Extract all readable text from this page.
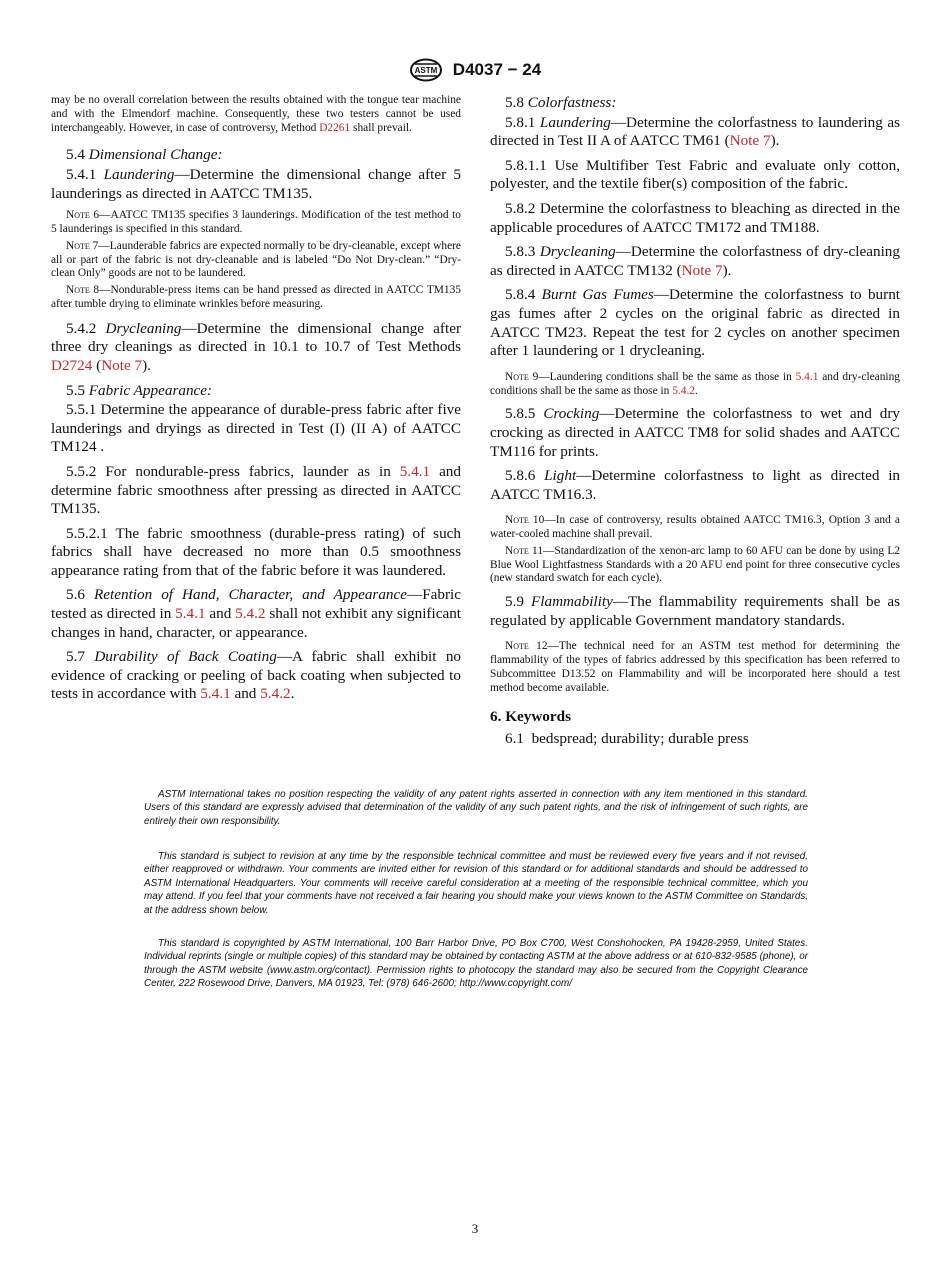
ASTM D4037 − 24

may be no overall correlation between the results obtained with the tongue tear machine and with the Elmendorf machine. Consequently, these two testers cannot be used interchangeably. However, in case of controversy, Method D2261 shall prevail.

5.4 Dimensional Change:

5.4.1 Laundering—Determine the dimensional change after 5 launderings as directed in AATCC TM135.

Note 6—AATCC TM135 specifies 3 launderings. Modification of the test method to 5 launderings is specified in this standard.

Note 7—Launderable fabrics are expected normally to be dry-cleanable, except where all or part of the fabric is not dry-cleanable and is labeled “Do Not Dry-clean.” “Dry-clean Only” goods are not to be laundered.

Note 8—Nondurable-press items can be hand pressed as directed in AATCC TM135 after tumble drying to eliminate wrinkles before measuring.

5.4.2 Drycleaning—Determine the dimensional change after three dry cleanings as directed in 10.1 to 10.7 of Test Methods D2724 (Note 7).

5.5 Fabric Appearance:

5.5.1 Determine the appearance of durable-press fabric after five launderings and dryings as directed in Test (I) (II A) of AATCC TM124 .

5.5.2 For nondurable-press fabrics, launder as in 5.4.1 and determine fabric smoothness after pressing as directed in AATCC TM135.

5.5.2.1 The fabric smoothness (durable-press rating) of such fabrics shall have decreased no more than 0.5 smoothness appearance rating from that of the fabric before it was laundered.

5.6 Retention of Hand, Character, and Appearance—Fabric tested as directed in 5.4.1 and 5.4.2 shall not exhibit any significant changes in hand, character, or appearance.

5.7 Durability of Back Coating—A fabric shall exhibit no evidence of cracking or peeling of back coating when subjected to tests in accordance with 5.4.1 and 5.4.2.

5.8 Colorfastness:

5.8.1 Laundering—Determine the colorfastness to laundering as directed in Test II A of AATCC TM61 (Note 7).

5.8.1.1 Use Multifiber Test Fabric and evaluate only cotton, polyester, and the textile fiber(s) composition of the fabric.

5.8.2 Determine the colorfastness to bleaching as directed in the applicable procedures of AATCC TM172 and TM188.

5.8.3 Drycleaning—Determine the colorfastness of dry-cleaning as directed in AATCC TM132 (Note 7).

5.8.4 Burnt Gas Fumes—Determine the colorfastness to burnt gas fumes after 2 cycles on the original fabric as directed in AATCC TM23. Repeat the test for 2 cycles on another specimen after 1 laundering or 1 drycleaning.

Note 9—Laundering conditions shall be the same as those in 5.4.1 and dry-cleaning conditions shall be the same as those in 5.4.2.

5.8.5 Crocking—Determine the colorfastness to wet and dry crocking as directed in AATCC TM8 for solid shades and AATCC TM116 for prints.

5.8.6 Light—Determine colorfastness to light as directed in AATCC TM16.3.

Note 10—In case of controversy, results obtained AATCC TM16.3, Option 3 and a water-cooled machine shall prevail.

Note 11—Standardization of the xenon-arc lamp to 60 AFU can be done by using L2 Blue Wool Lightfastness Standards with a 20 AFU end point for three consecutive cycles (new standard swatch for each cycle).

5.9 Flammability—The flammability requirements shall be as regulated by applicable Government mandatory standards.

Note 12—The technical need for an ASTM test method for determining the flammability of the types of fabrics addressed by this specification has been referred to Subcommittee D13.52 on Flammability and will be incorporated here should a test method become available.

6. Keywords

6.1 bedspread; durability; durable press

ASTM International takes no position respecting the validity of any patent rights asserted in connection with any item mentioned in this standard. Users of this standard are expressly advised that determination of the validity of any such patent rights, and the risk of infringement of such rights, are entirely their own responsibility.

This standard is subject to revision at any time by the responsible technical committee and must be reviewed every five years and if not revised, either reapproved or withdrawn. Your comments are invited either for revision of this standard or for additional standards and should be addressed to ASTM International Headquarters. Your comments will receive careful consideration at a meeting of the responsible technical committee, which you may attend. If you feel that your comments have not received a fair hearing you should make your views known to the ASTM Committee on Standards, at the address shown below.

This standard is copyrighted by ASTM International, 100 Barr Harbor Drive, PO Box C700, West Conshohocken, PA 19428-2959, United States. Individual reprints (single or multiple copies) of this standard may be obtained by contacting ASTM at the above address or at 610-832-9585 (phone), or through the ASTM website (www.astm.org/contact). Permission rights to photocopy the standard may also be secured from the Copyright Clearance Center, 222 Rosewood Drive, Danvers, MA 01923, Tel: (978) 646-2600; http://www.copyright.com/

3
